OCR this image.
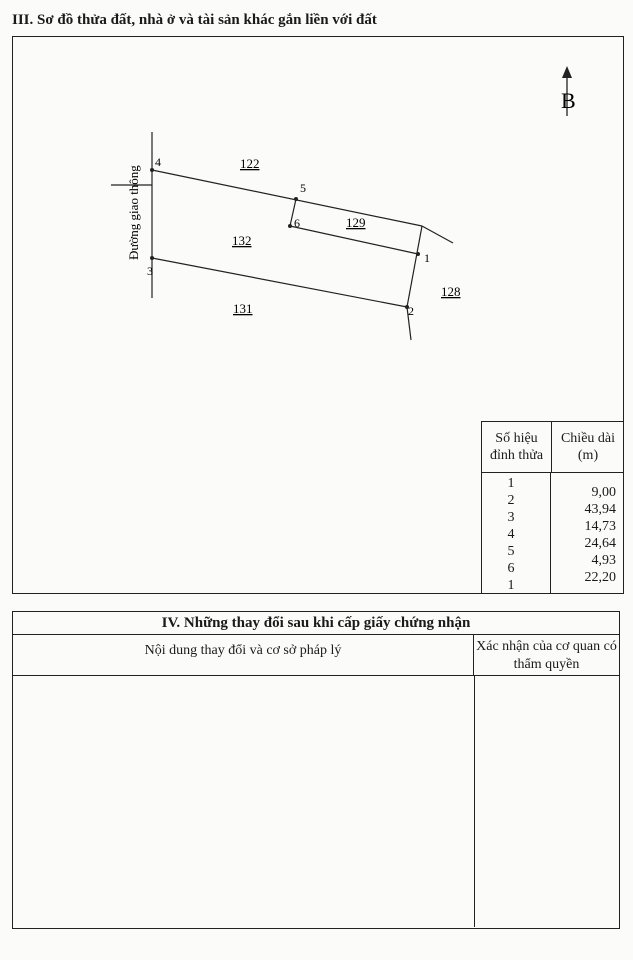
III. Sơ đồ thửa đất, nhà ở và tài sản khác gắn liền với đất
B
Đường giao thông
122
132
129
131
128
4
5
6
1
3
2
Số hiệu đỉnh thửa
Chiều dài (m)
1
2
3
4
5
6
1
9,00
43,94
14,73
24,64
4,93
22,20
IV. Những thay đổi sau khi cấp giấy chứng nhận
Nội dung thay đổi và cơ sở pháp lý	Xác nhận của cơ quan có thẩm quyền
